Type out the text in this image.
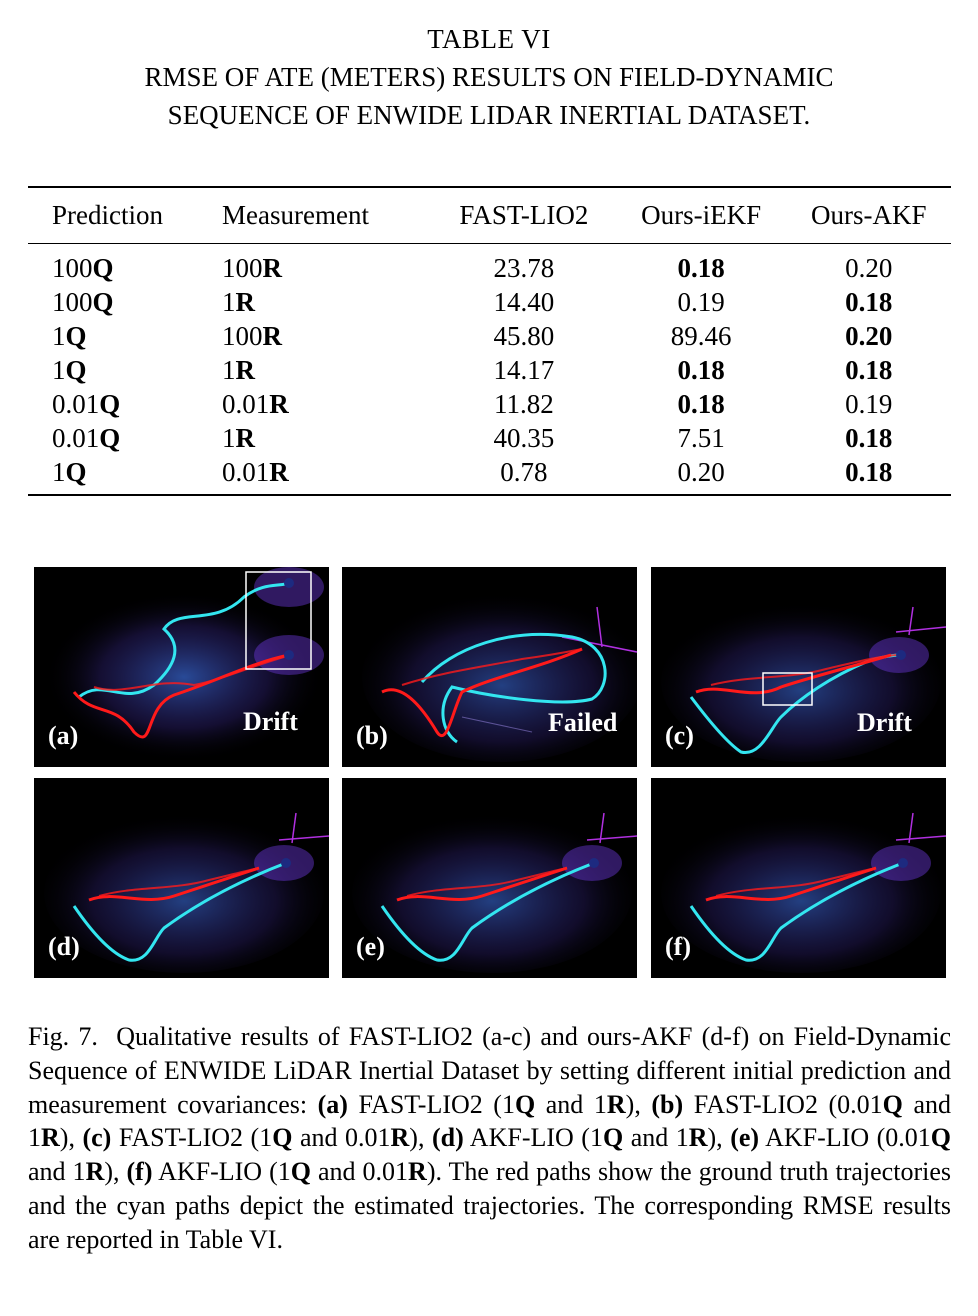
TABLE VI
RMSE OF ATE (METERS) RESULTS ON FIELD-DYNAMIC
SEQUENCE OF ENWIDE LIDAR INERTIAL DATASET.
Prediction	Measurement	FAST-LIO2	Ours-iEKF	Ours-AKF
100Q	100R	23.78	0.18	0.20
100Q	1R	14.40	0.19	0.18
1Q	100R	45.80	89.46	0.20
1Q	1R	14.17	0.18	0.18
0.01Q	0.01R	11.82	0.18	0.19
0.01Q	1R	40.35	7.51	0.18
1Q	0.01R	0.78	0.20	0.18
(a)	Drift (b)	Failed (c)	Drift
(d)	(e)	(f)
Fig. 7. Qualitative results of FAST-LIO2 (a-c) and ours-AKF (d-f) on Field-Dynamic Sequence of ENWIDE LiDAR Inertial Dataset by setting different initial prediction and measurement covariances: (a) FAST-LIO2 (1Q and 1R), (b) FAST-LIO2 (0.01Q and 1R), (c) FAST-LIO2 (1Q and 0.01R), (d) AKF-LIO (1Q and 1R), (e) AKF-LIO (0.01Q and 1R), (f) AKF-LIO (1Q and 0.01R). The red paths show the ground truth trajectories and the cyan paths depict the estimated trajectories. The corresponding RMSE results are reported in Table VI.
